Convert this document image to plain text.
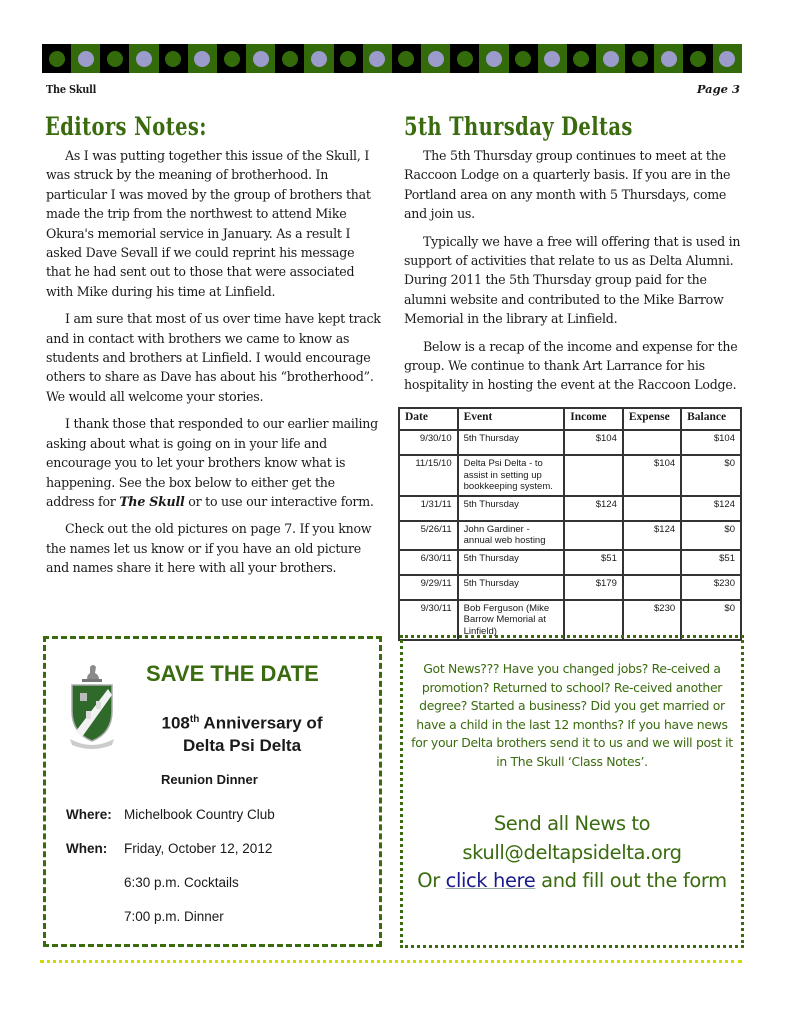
The Skull	Page 3
Editors Notes:	5th Thursday Deltas

As I was putting together this issue of the Skull, I was struck by the meaning of brotherhood. In particular I was moved by the group of brothers that made the trip from the northwest to attend Mike Okura's memorial service in January. As a result I asked Dave Sevall if we could reprint his message that he had sent out to those that were associated with Mike during his time at Linfield.

I am sure that most of us over time have kept track and in contact with brothers we came to know as students and brothers at Linfield. I would encourage others to share as Dave has about his “brotherhood”. We would all welcome your stories.

I thank those that responded to our earlier mailing asking about what is going on in your life and encourage you to let your brothers know what is happening. See the box below to either get the address for The Skull or to use our interactive form.

Check out the old pictures on page 7. If you know the names let us know or if you have an old picture and names share it here with all your brothers.

The 5th Thursday group continues to meet at the Raccoon Lodge on a quarterly basis. If you are in the Portland area on any month with 5 Thursdays, come and join us.

Typically we have a free will offering that is used in support of activities that relate to us as Delta Alumni. During 2011 the 5th Thursday group paid for the alumni website and contributed to the Mike Barrow Memorial in the library at Linfield.

Below is a recap of the income and expense for the group. We continue to thank Art Larrance for his hospitality in hosting the event at the Raccoon Lodge.

Date	Event	Income	Expense	Balance
9/30/10	5th Thursday	$104		$104
11/15/10	Delta Psi Delta - to assist in setting up bookkeeping system.		$104	$0
1/31/11	5th Thursday	$124		$124
5/26/11	John Gardiner - annual web hosting		$124	$0
6/30/11	5th Thursday	$51		$51
9/29/11	5th Thursday	$179		$230
9/30/11	Bob Ferguson (Mike Barrow Memorial at Linfield)		$230	$0
SAVE THE DATE
108th Anniversary of
Delta Psi Delta
Reunion Dinner
Where: Michelbook Country Club
When: Friday, October 12, 2012
6:30 p.m. Cocktails
7:00 p.m. Dinner
Got News??? Have you changed jobs? Re-ceived a promotion? Returned to school? Re-ceived another degree? Started a business? Did you get married or have a child in the last 12 months? If you have news for your Delta brothers send it to us and we will post it in The Skull ‘Class Notes’.
Send all News to
skull@deltapsidelta.org
Or click here and fill out the form
